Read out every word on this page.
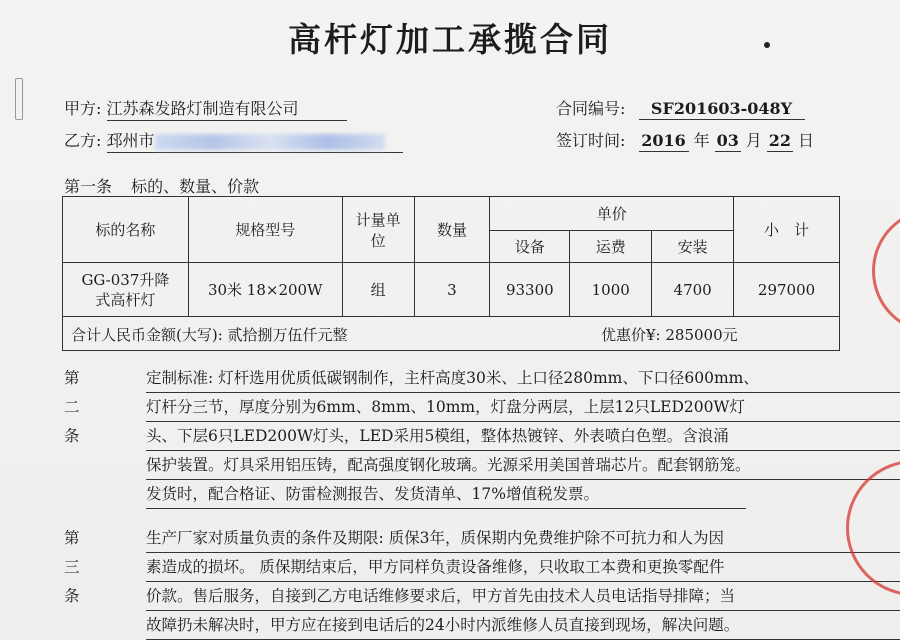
高杆灯加工承揽合同
甲方: 江苏森发路灯制造有限公司
乙方: 邳州市
合同编号: SF201603-048Y
签订时间: 2016 年 03 月 22 日
第一条 标的、数量、价款
标的名称	规格型号	计量单位	数量	单价			小　计
				设备	运费	安装	
GG-037升降式高杆灯	30米 18×200W	组	3	93300	1000	4700	297000
合计人民币金额(大写): 贰拾捌万伍仟元整	优惠价¥: 285000元
第二条
定制标准: 灯杆选用优质低碳钢制作，主杆高度30米、上口径280mm、下口径600mm、
灯杆分三节，厚度分别为6mm、8mm、10mm，灯盘分两层，上层12只LED200W灯
头、下层6只LED200W灯头，LED采用5模组，整体热镀锌、外表喷白色塑。含浪涌
保护装置。灯具采用铝压铸，配高强度钢化玻璃。光源采用美国普瑞芯片。配套钢筋笼。
发货时，配合格证、防雷检测报告、发货清单、17%增值税发票。
第三条
生产厂家对质量负责的条件及期限: 质保3年，质保期内免费维护除不可抗力和人为因
素造成的损坏。 质保期结束后，甲方同样负责设备维修，只收取工本费和更换零配件
价款。售后服务，自接到乙方电话维修要求后，甲方首先由技术人员电话指导排障；当
故障扔未解决时，甲方应在接到电话后的24小时内派维修人员直接到现场，解决问题。
